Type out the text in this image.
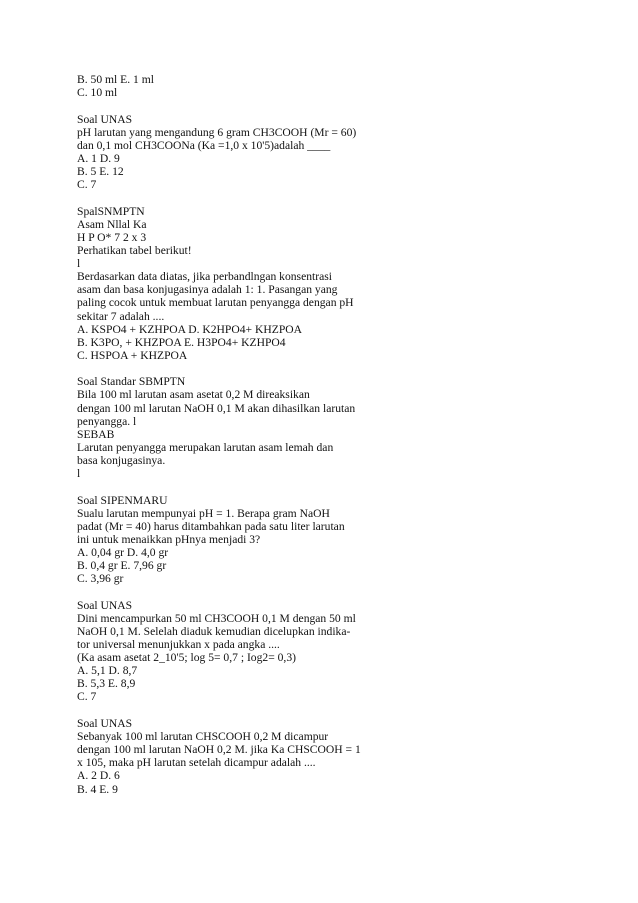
B. 50 ml E. 1 ml
C. 10 ml
Soal UNAS
pH larutan yang mengandung 6 gram CH3COOH (Mr = 60)
dan 0,1 mol CH3COONa (Ka =1,0 x 10'5)adalah ____
A. 1 D. 9
B. 5 E. 12
C. 7
SpalSNMPTN
Asam Nllal Ka
H P O* 7 2 x 3
Perhatikan tabel berikut!
l
Berdasarkan data diatas, jika perbandlngan konsentrasi
asam dan basa konjugasinya adalah 1: 1. Pasangan yang
paling cocok untuk membuat larutan penyangga dengan pH
sekitar 7 adalah ....
A. KSPO4 + KZHPOA D. K2HPO4+ KHZPOA
B. K3PO, + KHZPOA E. H3PO4+ KZHPO4
C. HSPOA + KHZPOA
Soal Standar SBMPTN
Bila 100 ml larutan asam asetat 0,2 M direaksikan
dengan 100 ml larutan NaOH 0,1 M akan dihasilkan larutan
penyangga. l
SEBAB
Larutan penyangga merupakan larutan asam lemah dan
basa konjugasinya.
l
Soal SIPENMARU
Sualu larutan mempunyai pH = 1. Berapa gram NaOH
padat (Mr = 40) harus ditambahkan pada satu liter larutan
ini untuk menaikkan pHnya menjadi 3?
A. 0,04 gr D. 4,0 gr
B. 0,4 gr E. 7,96 gr
C. 3,96 gr
Soal UNAS
Dini mencampurkan 50 ml CH3COOH 0,1 M dengan 50 ml
NaOH 0,1 M. Selelah diaduk kemudian dicelupkan indika-
tor universal menunjukkan x pada angka ....
(Ka asam asetat 2_10'5; log 5= 0,7 ; Iog2= 0,3)
A. 5,1 D. 8,7
B. 5,3 E. 8,9
C. 7
Soal UNAS
Sebanyak 100 ml larutan CHSCOOH 0,2 M dicampur
dengan 100 ml larutan NaOH 0,2 M. jika Ka CHSCOOH = 1
x 105, maka pH larutan setelah dicampur adalah ....
A. 2 D. 6
B. 4 E. 9
